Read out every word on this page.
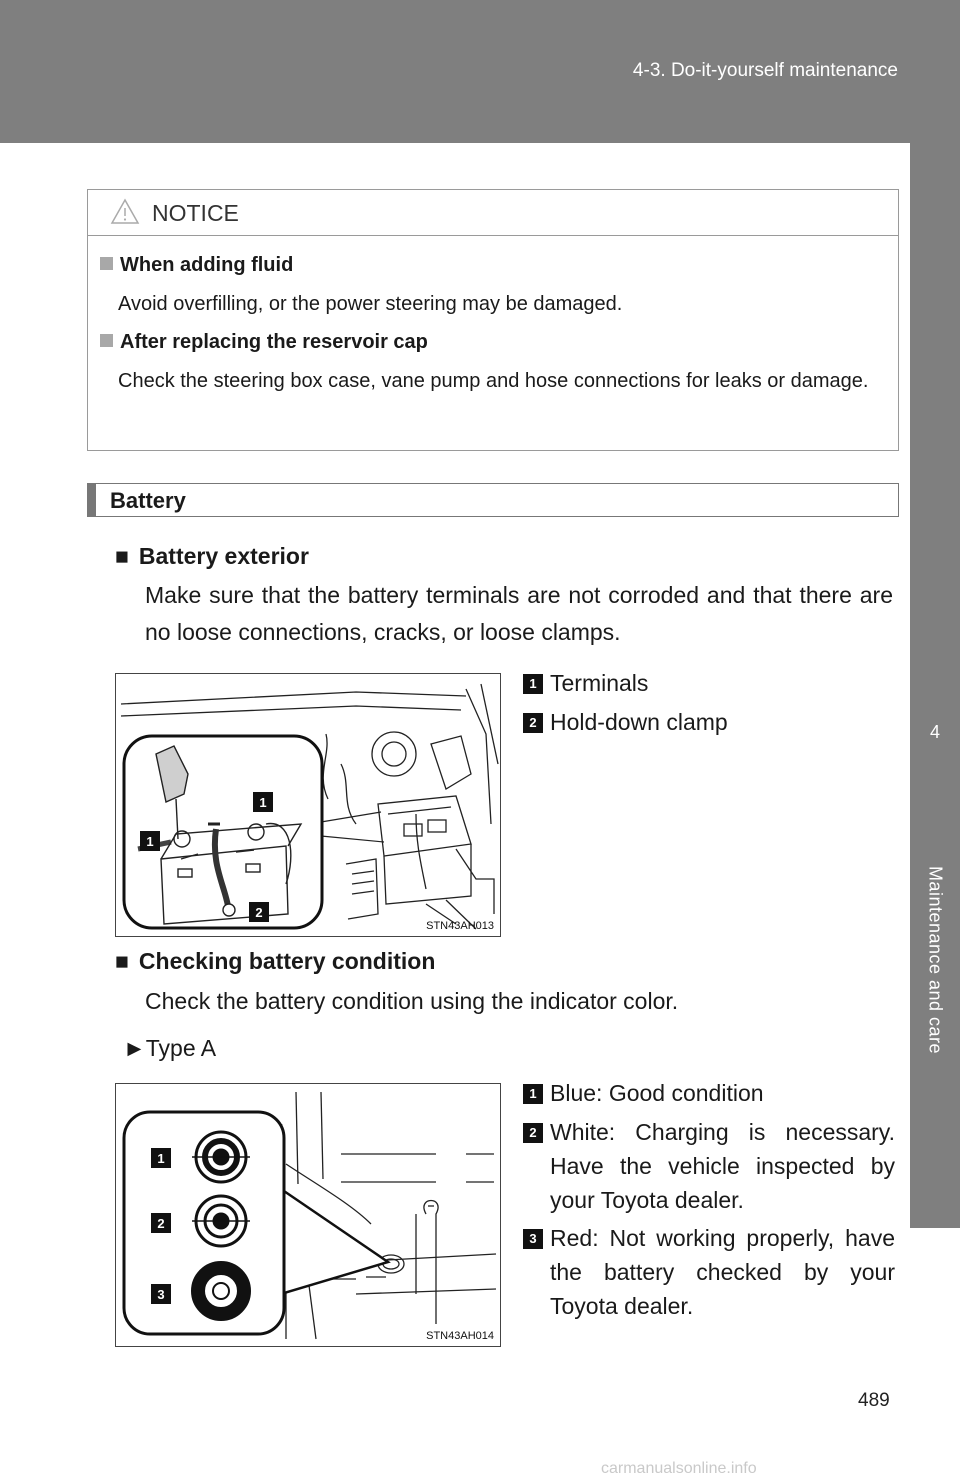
4-3. Do-it-yourself maintenance
4
Maintenance and care
NOTICE
When adding fluid
Avoid overfilling, or the power steering may be damaged.
After replacing the reservoir cap
Check the steering box case, vane pump and hose connections for leaks or damage.
Battery
■ Battery exterior
Make sure that the battery terminals are not corroded and that there are no loose connections, cracks, or loose clamps.
1
1
2
STN43AH013
1 Terminals
2 Hold-down clamp
■ Checking battery condition
Check the battery condition using the indicator color.
►Type A
1
2
3
STN43AH014
1 Blue: Good condition
2 White: Charging is necessary. Have the vehicle inspected by your Toyota dealer.
3 Red: Not working properly, have the battery checked by your Toyota dealer.
489
carmanualsonline.info
